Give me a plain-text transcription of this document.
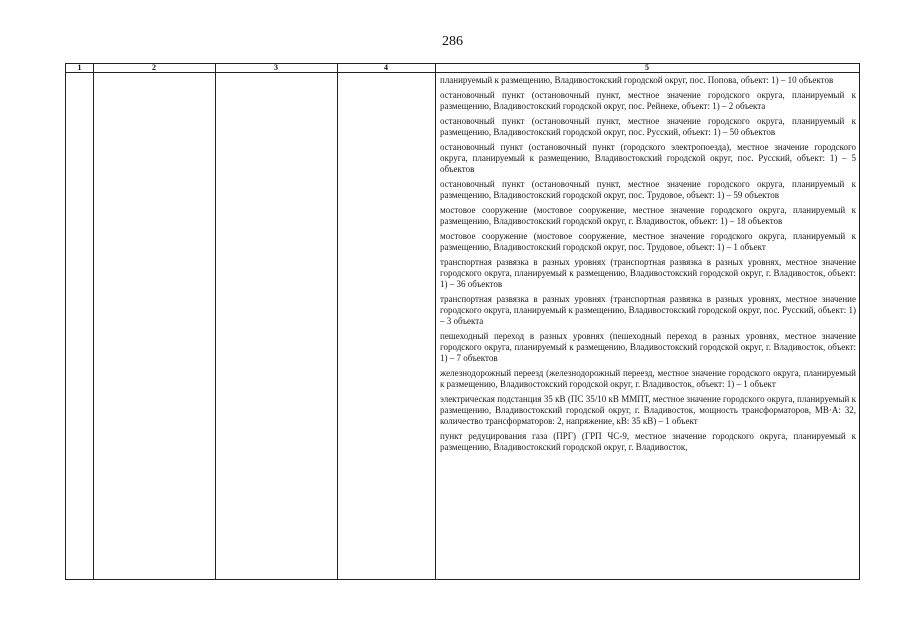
286
1	2	3	4	5

планируемый к размещению, Владивостокский городской округ, пос. Попова, объект: 1) – 10 объектов

остановочный пункт (остановочный пункт, местное значение городского округа, планируемый к размещению, Владивостокский городской округ, пос. Рейнеке, объект: 1) – 2 объекта

остановочный пункт (остановочный пункт, местное значение городского округа, планируемый к размещению, Владивостокский городской округ, пос. Русский, объект: 1) – 50 объектов

остановочный пункт (остановочный пункт (городского электропоезда), местное значение городского округа, планируемый к размещению, Владивостокский городской округ, пос. Русский, объект: 1) – 5 объектов

остановочный пункт (остановочный пункт, местное значение городского округа, планируемый к размещению, Владивостокский городской округ, пос. Трудовое, объект: 1) – 59 объектов

мостовое сооружение (мостовое сооружение, местное значение городского округа, планируемый к размещению, Владивостокский городской округ, г. Владивосток, объект: 1) – 18 объектов

мостовое сооружение (мостовое сооружение, местное значение городского округа, планируемый к размещению, Владивостокский городской округ, пос. Трудовое, объект: 1) – 1 объект

транспортная развязка в разных уровнях (транспортная развязка в разных уровнях, местное значение городского округа, планируемый к размещению, Владивостокский городской округ, г. Владивосток, объект: 1) – 36 объектов

транспортная развязка в разных уровнях (транспортная развязка в разных уровнях, местное значение городского округа, планируемый к размещению, Владивостокский городской округ, пос. Русский, объект: 1) – 3 объекта

пешеходный переход в разных уровнях (пешеходный переход в разных уровнях, местное значение городского округа, планируемый к размещению, Владивостокский городской округ, г. Владивосток, объект: 1) – 7 объектов

железнодорожный переезд (железнодорожный переезд, местное значение городского округа, планируемый к размещению, Владивостокский городской округ, г. Владивосток, объект: 1) – 1 объект

электрическая подстанция 35 кВ (ПС 35/10 кВ ММПТ, местное значение городского округа, планируемый к размещению, Владивостокский городской округ, г. Владивосток, мощность трансформаторов, МВ·А: 32, количество трансформаторов: 2, напряжение, кВ: 35 кВ) – 1 объект

пункт редуцирования газа (ПРГ) (ГРП ЧС-9, местное значение городского округа, планируемый к размещению, Владивостокский городской округ, г. Владивосток,
